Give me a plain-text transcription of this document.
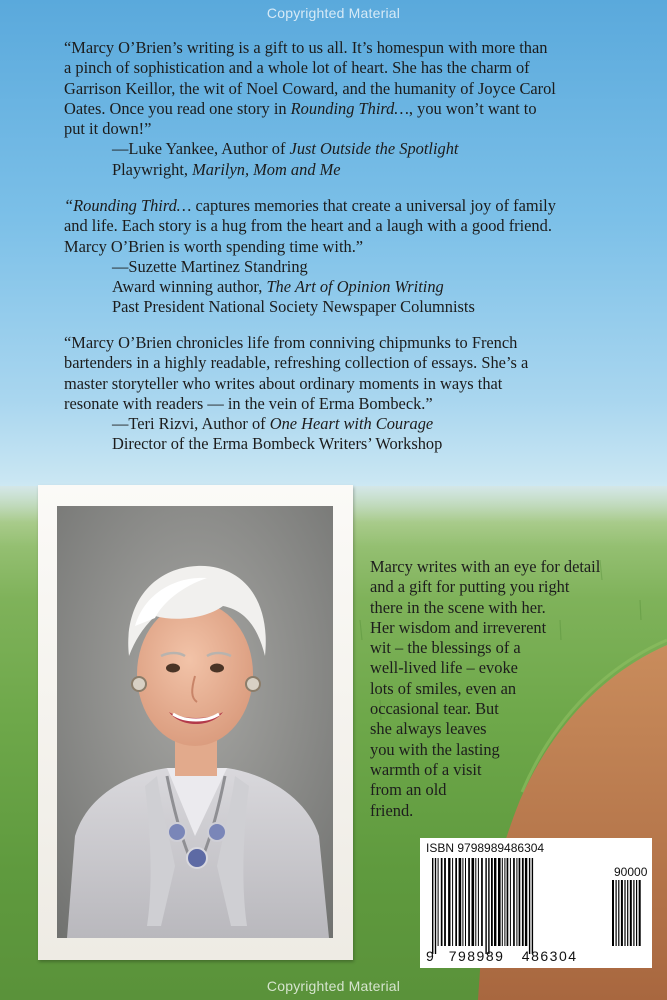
Copyrighted Material

“Marcy O’Brien’s writing is a gift to us all. It’s homespun with more than

a pinch of sophistication and a whole lot of heart. She has the charm of

Garrison Keillor, the wit of Noel Coward, and the humanity of Joyce Carol

Oates. Once you read one story in Rounding Third…, you won’t want to

put it down!”

—Luke Yankee, Author of Just Outside the Spotlight

Playwright, Marilyn, Mom and Me

“Rounding Third… captures memories that create a universal joy of family

and life. Each story is a hug from the heart and a laugh with a good friend.

Marcy O’Brien is worth spending time with.”

—Suzette Martinez Standring

Award winning author, The Art of Opinion Writing

Past President National Society Newspaper Columnists

“Marcy O’Brien chronicles life from conniving chipmunks to French

bartenders in a highly readable, refreshing collection of essays. She’s a

master storyteller who writes about ordinary moments in ways that

resonate with readers — in the vein of Erma Bombeck.”

—Teri Rizvi, Author of One Heart with Courage

Director of the Erma Bombeck Writers’ Workshop

Marcy writes with an eye for detail
and a gift for putting you right
there in the scene with her.
Her wisdom and irreverent
wit – the blessings of a
well-lived life – evoke
lots of smiles, even an
occasional tear. But
she always leaves
you with the lasting
warmth of a visit
from an old
friend.
ISBN 9798989486304
90000
9 798989 486304
Copyrighted Material
